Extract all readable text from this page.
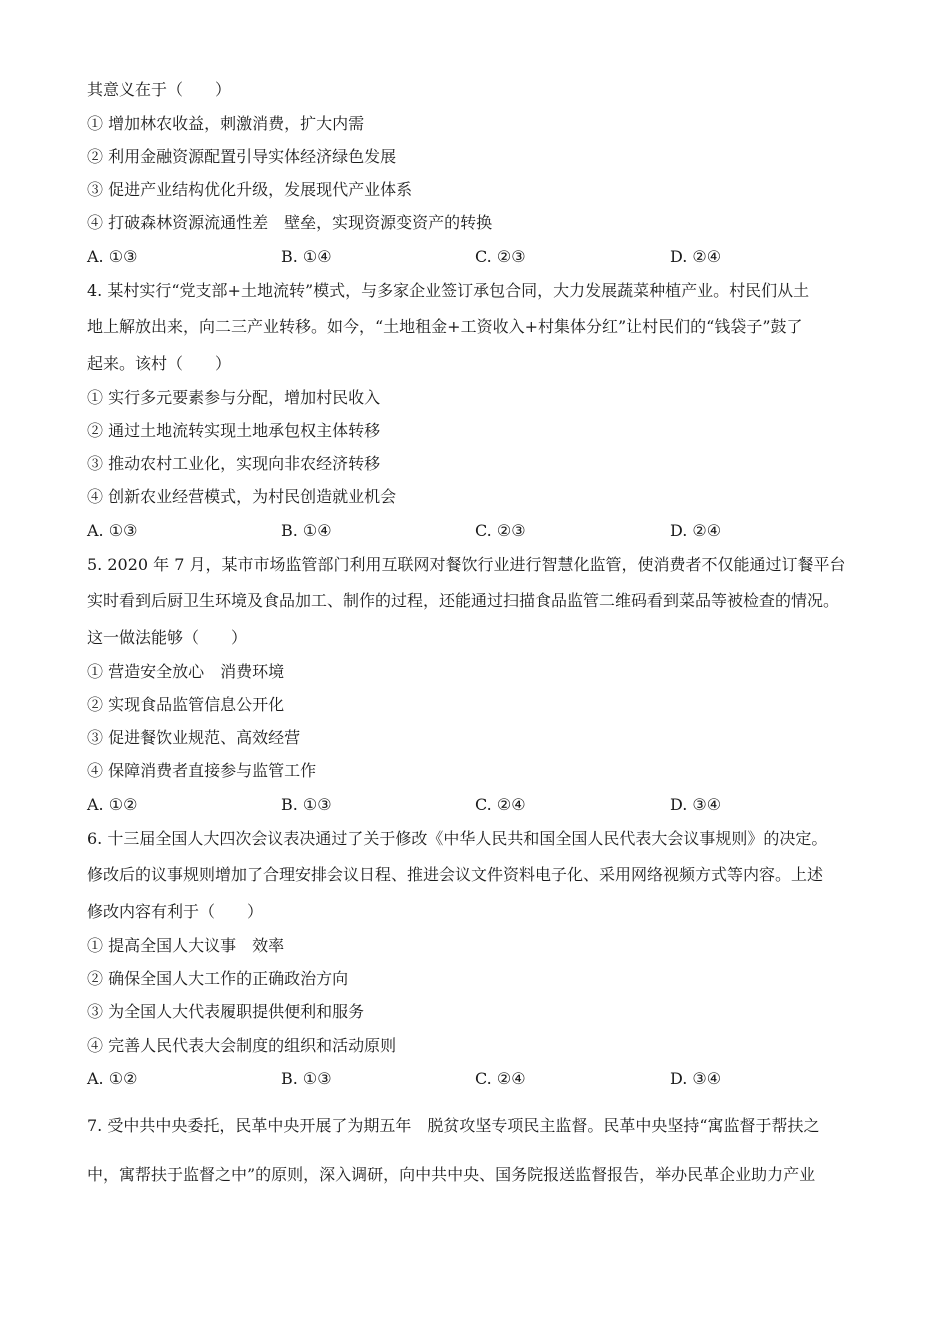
其意义在于（　　）

① 增加林农收益，刺激消费，扩大内需

② 利用金融资源配置引导实体经济绿色发展

③ 促进产业结构优化升级，发展现代产业体系

④ 打破森林资源流通性差　壁垒，实现资源变资产的转换

A. ①③	B. ①④	C. ②③	D. ②④

4. 某村实行“党支部+土地流转”模式，与多家企业签订承包合同，大力发展蔬菜种植产业。村民们从土

地上解放出来，向二三产业转移。如今，“土地租金+工资收入+村集体分红”让村民们的“钱袋子”鼓了

起来。该村（　　）

① 实行多元要素参与分配，增加村民收入

② 通过土地流转实现土地承包权主体转移

③ 推动农村工业化，实现向非农经济转移

④ 创新农业经营模式，为村民创造就业机会

A. ①③	B. ①④	C. ②③	D. ②④

5. 2020 年 7 月，某市市场监管部门利用互联网对餐饮行业进行智慧化监管，使消费者不仅能通过订餐平台

实时看到后厨卫生环境及食品加工、制作的过程，还能通过扫描食品监管二维码看到菜品等被检查的情况。

这一做法能够（　　）

① 营造安全放心　消费环境

② 实现食品监管信息公开化

③ 促进餐饮业规范、高效经营

④ 保障消费者直接参与监管工作

A. ①②	B. ①③	C. ②④	D. ③④

6. 十三届全国人大四次会议表决通过了关于修改《中华人民共和国全国人民代表大会议事规则》的决定。

修改后的议事规则增加了合理安排会议日程、推进会议文件资料电子化、采用网络视频方式等内容。上述

修改内容有利于（　　）

① 提高全国人大议事　效率

② 确保全国人大工作的正确政治方向

③ 为全国人大代表履职提供便利和服务

④ 完善人民代表大会制度的组织和活动原则

A. ①②	B. ①③	C. ②④	D. ③④

7. 受中共中央委托，民革中央开展了为期五年　脱贫攻坚专项民主监督。民革中央坚持“寓监督于帮扶之

中，寓帮扶于监督之中”的原则，深入调研，向中共中央、国务院报送监督报告，举办民革企业助力产业
